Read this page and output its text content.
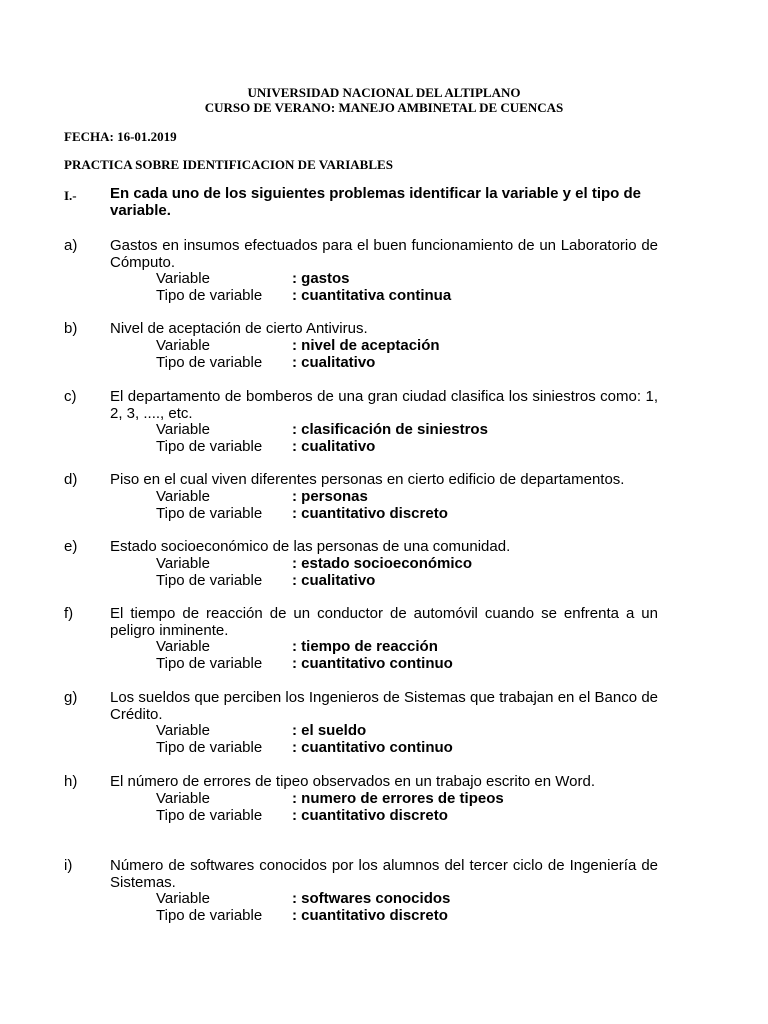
UNIVERSIDAD NACIONAL DEL ALTIPLANO
CURSO DE VERANO: MANEJO AMBINETAL DE CUENCAS
FECHA: 16-01.2019
PRACTICA SOBRE IDENTIFICACION DE VARIABLES
I.- En cada uno de los siguientes problemas identificar la variable y el tipo de variable.
a) Gastos en insumos efectuados para el buen funcionamiento de un Laboratorio de Cómputo.
Variable	: gastos
Tipo de variable : cuantitativa continua
b) Nivel de aceptación de cierto Antivirus.
Variable	: nivel de aceptación
Tipo de variable : cualitativo
c) El departamento de bomberos de una gran ciudad clasifica los siniestros como: 1, 2, 3, ...., etc.
Variable	: clasificación de siniestros
Tipo de variable : cualitativo
d) Piso en el cual viven diferentes personas en cierto edificio de departamentos.
Variable	: personas
Tipo de variable : cuantitativo discreto
e) Estado socioeconómico de las personas de una comunidad.
Variable	: estado socioeconómico
Tipo de variable : cualitativo
f) El tiempo de reacción de un conductor de automóvil cuando se enfrenta a un peligro inminente.
Variable	: tiempo de reacción
Tipo de variable : cuantitativo continuo
g) Los sueldos que perciben los Ingenieros de Sistemas que trabajan en el Banco de Crédito.
Variable	: el sueldo
Tipo de variable : cuantitativo continuo
h) El número de errores de tipeo observados en un trabajo escrito en Word.
Variable	: numero de errores de tipeos
Tipo de variable : cuantitativo discreto
i)	Número de softwares conocidos por los alumnos del tercer ciclo de Ingeniería de Sistemas.
Variable	: softwares conocidos
Tipo de variable : cuantitativo discreto
